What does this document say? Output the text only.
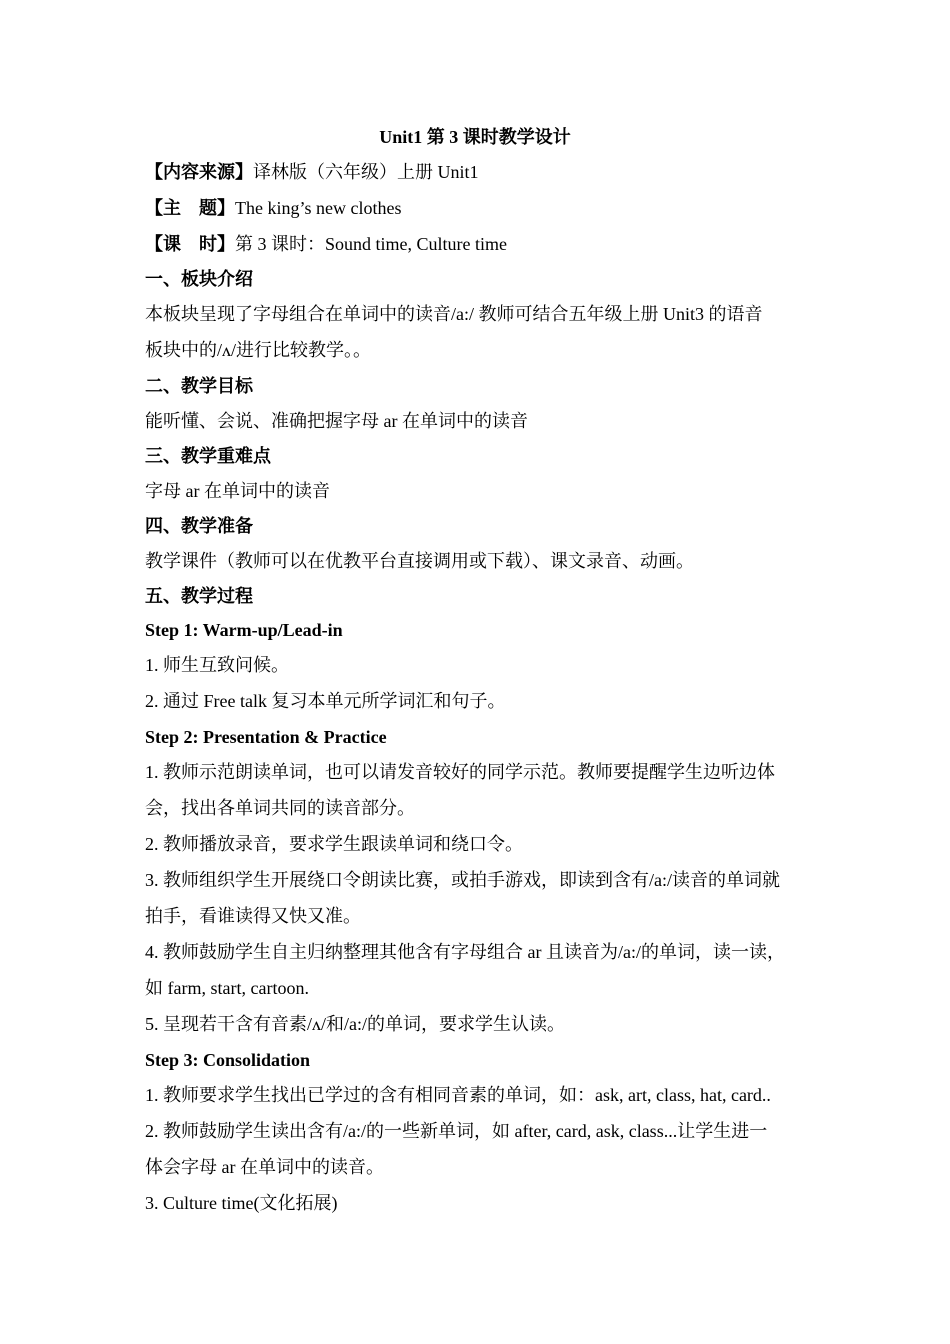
Unit1 第 3 课时教学设计
【内容来源】译林版（六年级）上册 Unit1
【主　题】The king’s new clothes
【课　时】第 3 课时：Sound time, Culture time
一、板块介绍
本板块呈现了字母组合在单词中的读音/a:/ 教师可结合五年级上册 Unit3 的语音
板块中的/ʌ/进行比较教学。。
二、教学目标
能听懂、会说、准确把握字母 ar 在单词中的读音
三、教学重难点
字母 ar 在单词中的读音
四、教学准备
教学课件（教师可以在优教平台直接调用或下载）、课文录音、动画。
五、教学过程
Step 1: Warm-up/Lead-in
1. 师生互致问候。
2. 通过 Free talk 复习本单元所学词汇和句子。
Step 2: Presentation & Practice
1. 教师示范朗读单词，也可以请发音较好的同学示范。教师要提醒学生边听边体
会，找出各单词共同的读音部分。
2. 教师播放录音，要求学生跟读单词和绕口令。
3. 教师组织学生开展绕口令朗读比赛，或拍手游戏，即读到含有/a:/读音的单词就
拍手，看谁读得又快又准。
4. 教师鼓励学生自主归纳整理其他含有字母组合 ar 且读音为/a:/的单词，读一读，
如 farm, start, cartoon.
5. 呈现若干含有音素/ʌ/和/a:/的单词，要求学生认读。
Step 3: Consolidation
1. 教师要求学生找出已学过的含有相同音素的单词，如：ask, art, class, hat, card..
2. 教师鼓励学生读出含有/a:/的一些新单词，如 after, card, ask, class...让学生进一
体会字母 ar 在单词中的读音。
3. Culture time(文化拓展)
